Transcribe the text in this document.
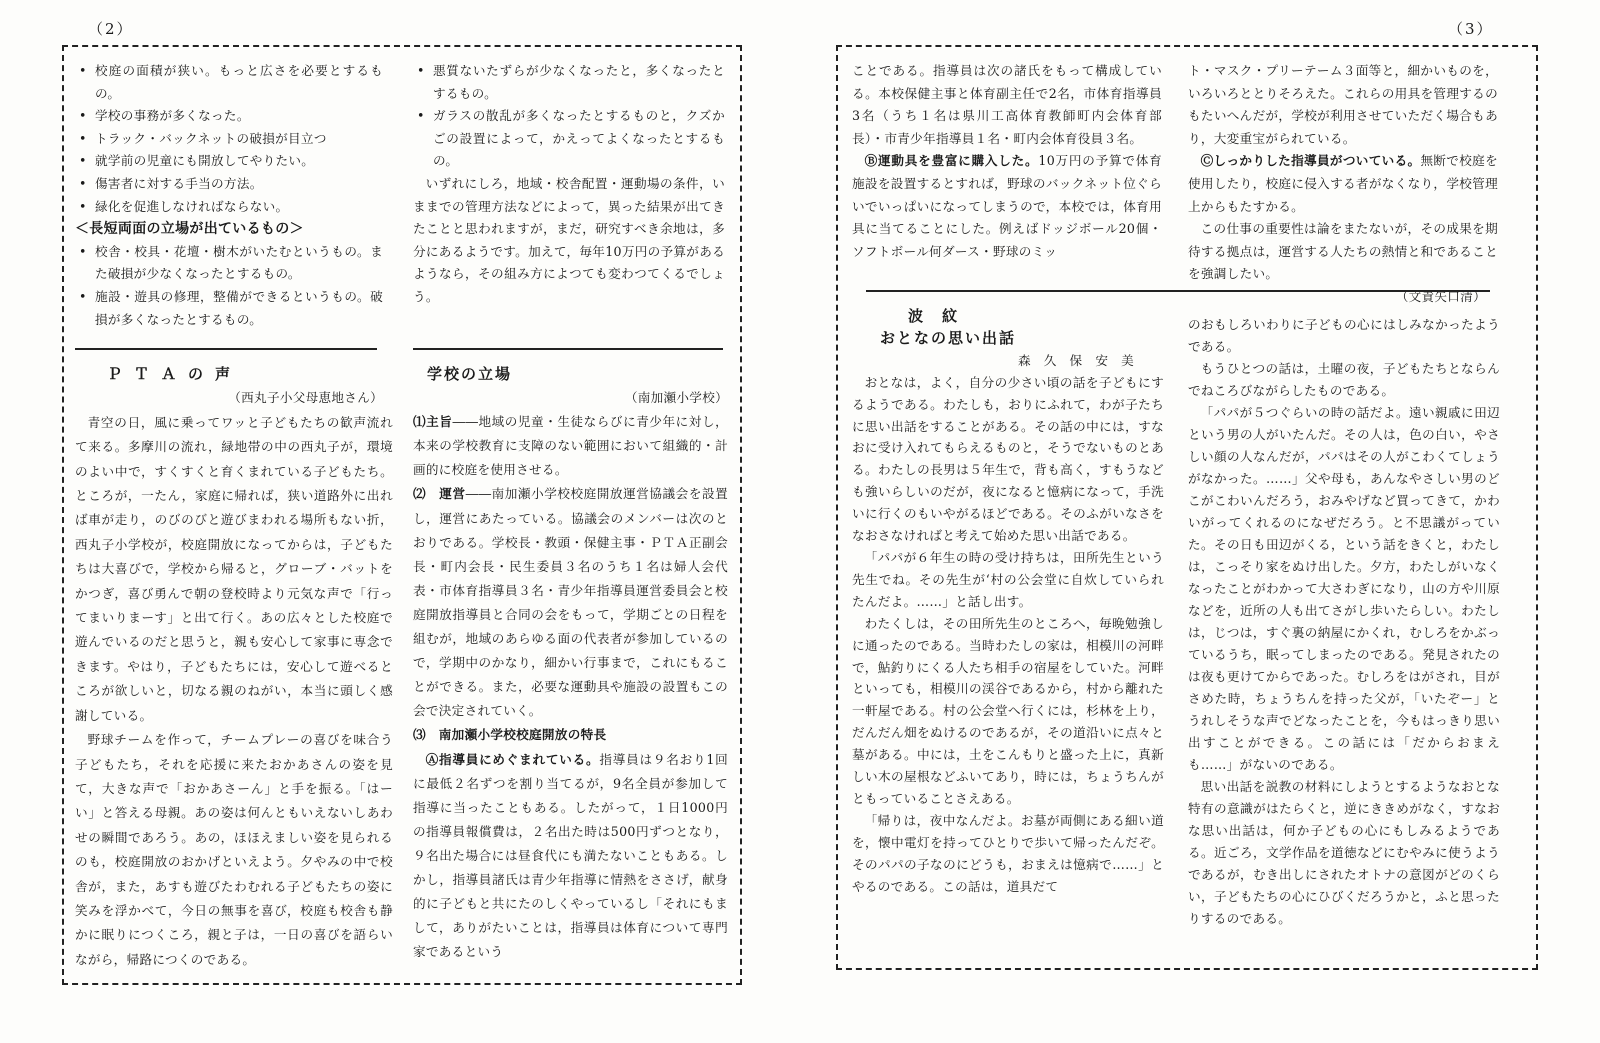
（2）
• 校庭の面積が狭い。もっと広さを必要とするもの。
• 学校の事務が多くなった。
• トラック・バックネットの破損が目立つ
• 就学前の児童にも開放してやりたい。
• 傷害者に対する手当の方法。
• 緑化を促進しなければならない。
＜長短両面の立場が出ているもの＞
• 校舎・校具・花壇・樹木がいたむというもの。また破損が少なくなったとするもの。
• 施設・遊具の修理，整備ができるというもの。破損が多くなったとするもの。
• 悪質ないたずらが少なくなったと，多くなったとするもの。
• ガラスの散乱が多くなったとするものと，クズかごの設置によって，かえってよくなったとするもの。

いずれにしろ，地域・校舎配置・運動場の条件，いままでの管理方法などによって，異った結果が出てきたことと思われますが，まだ，研究すべき余地は，多分にあるようです。加えて，毎年10万円の予算があるようなら，その組み方によつても変わつてくるでしょう。

ＰＴＡの声
（西丸子小父母恵地さん）

青空の日，風に乗ってワッと子どもたちの歓声流れて来る。多摩川の流れ，緑地帯の中の西丸子が，環境のよい中で，すくすくと育くまれている子どもたち。ところが，一たん，家庭に帰れば，狭い道路外に出れば車が走り，のびのびと遊びまわれる場所もない折，西丸子小学校が，校庭開放になってからは，子どもたちは大喜びで，学校から帰ると，グローブ・バットをかつぎ，喜び勇んで朝の登校時より元気な声で「行ってまいりまーす」と出て行く。あの広々とした校庭で遊んでいるのだと思うと，親も安心して家事に専念できます。やはり，子どもたちには，安心して遊べるところが欲しいと，切なる親のねがい，本当に頭しく感謝している。

野球チームを作って，チームプレーの喜びを味合う子どもたち，それを応援に来たおかあさんの姿を見て，大きな声で「おかあさーん」と手を振る。「はーい」と答える母親。あの姿は何んともいえないしあわせの瞬間であろう。あの，ほほえましい姿を見られるのも，校庭開放のおかげといえよう。夕やみの中で校舎が，また，あすも遊びたわむれる子どもたちの姿に笑みを浮かべて，今日の無事を喜び，校庭も校舎も静かに眠りにつくころ，親と子は，一日の喜びを語らいながら，帰路につくのである。

学校の立場
（南加瀬小学校）

⑴主旨――地域の児童・生徒ならびに青少年に対し，本来の学校教育に支障のない範囲において組織的・計画的に校庭を使用させる。

⑵　運営――南加瀬小学校校庭開放運営協議会を設置し，運営にあたっている。協議会のメンバーは次のとおりである。学校長・教頭・保健主事・ＰＴＡ正副会長・町内会長・民生委員３名のうち１名は婦人会代表・市体育指導員３名・青少年指導員運営委員会と校庭開放指導員と合同の会をもって，学期ごとの日程を組むが，地域のあらゆる面の代表者が参加しているので，学期中のかなり，細かい行事まで，これにもることができる。また，必要な運動具や施設の設置もこの会で決定されていく。

⑶　南加瀬小学校校庭開放の特長

Ⓐ指導員にめぐまれている。指導員は９名おり1回に最低２名ずつを割り当てるが，9名全員が参加して指導に当ったこともある。したがって，１日1000円の指導員報償費は，２名出た時は500円ずつとなり，９名出た場合には昼食代にも満たないこともある。しかし，指導員諸氏は青少年指導に情熱をささげ，献身的に子どもと共にたのしくやっているし「それにもまして，ありがたいことは，指導員は体育について専門家であるという

（3）

ことである。指導員は次の諸氏をもって構成している。本校保健主事と体育副主任で2名，市体育指導員3名（うち１名は県川工高体育教師町内会体育部長）・市青少年指導員１名・町内会体育役員３名。

Ⓑ運動具を豊富に購入した。10万円の予算で体育施設を設置するとすれば，野球のバックネット位ぐらいでいっぱいになってしまうので，本校では，体育用具に当てることにした。例えばドッジボール20個・ソフトボール何ダース・野球のミッ

ト・マスク・プリーテーム３面等と，細かいものを，いろいろととりそろえた。これらの用具を管理するのもたいへんだが，学校が利用させていただく場合もあり，大変重宝がられている。

Ⓒしっかりした指導員がついている。無断で校庭を使用したり，校庭に侵入する者がなくなり，学校管理上からもたすかる。

この仕事の重要性は論をまたないが，その成果を期待する拠点は，運営する人たちの熱情と和であることを強調したい。

（文責矢口清）
波　紋
おとなの思い出話
森　久　保　安　美

おとなは，よく，自分の少さい頃の話を子どもにするようである。わたしも，おりにふれて，わが子たちに思い出話をすることがある。その話の中には，すなおに受け入れてもらえるものと，そうでないものとある。わたしの長男は５年生で，背も高く，すもうなども強いらしいのだが，夜になると憶病になって，手洗いに行くのもいやがるほどである。そのふがいなさをなおさなければと考えて始めた思い出話である。

「パパが６年生の時の受け持ちは，田所先生という先生でね。その先生が‘村の公会堂に自炊していられたんだよ。……」と話し出す。

わたくしは，その田所先生のところへ，毎晩勉強しに通ったのである。当時わたしの家は，相模川の河畔で，鮎釣りにくる人たち相手の宿屋をしていた。河畔といっても，相模川の渓谷であるから，村から離れた一軒屋である。村の公会堂へ行くには，杉林を上り，だんだん畑をぬけるのであるが，その道沿いに点々と墓がある。中には，土をこんもりと盛った上に，真新しい木の屋根などふいてあり，時には，ちょうちんがともっていることさえある。

「帰りは，夜中なんだよ。お墓が両側にある細い道を，懐中電灯を持ってひとりで歩いて帰ったんだぞ。そのパパの子なのにどうも，おまえは憶病で……」とやるのである。この話は，道具だて

のおもしろいわりに子どもの心にはしみなかったようである。

もうひとつの話は，土曜の夜，子どもたちとならんでねころびながらしたものである。

「パパが５つぐらいの時の話だよ。遠い親戚に田辺という男の人がいたんだ。その人は，色の白い，やさしい顔の人なんだが，パパはその人がこわくてしょうがなかった。……」父や母も，あんなやさしい男のどこがこわいんだろう，おみやげなど買ってきて，かわいがってくれるのになぜだろう。と不思議がっていた。その日も田辺がくる，という話をきくと，わたしは，こっそり家をぬけ出した。夕方，わたしがいなくなったことがわかって大さわぎになり，山の方や川原などを，近所の人も出てさがし歩いたらしい。わたしは，じつは，すぐ裏の納屋にかくれ，むしろをかぶっているうち，眠ってしまったのである。発見されたのは夜も更けてからであった。むしろをはがされ，目がさめた時，ちょうちんを持った父が，「いたぞー」とうれしそうな声でどなったことを，今もはっきり思い出すことができる。この話には「だからおまえも……」がないのである。

思い出話を説教の材料にしようとするようなおとな特有の意識がはたらくと，逆にききめがなく，すなおな思い出話は，何か子どもの心にもしみるようである。近ごろ，文学作品を道徳などにむやみに使うようであるが，むき出しにされたオトナの意図がどのくらい，子どもたちの心にひびくだろうかと，ふと思ったりするのである。
